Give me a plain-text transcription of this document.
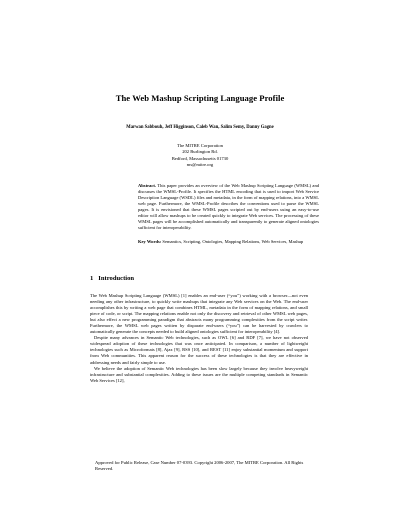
The Web Mashup Scripting Language Profile
Marwan Sabbouh, Jeff Higginson, Caleb Wan, Salim Semy, Danny Gagne
The MITRE Corporation
202 Burlington Rd.
Bedford, Massachusetts 01730
ms@mitre.org
Abstract. This paper provides an overview of the Web Mashup Scripting Language (WMSL) and discusses the WMSL-Profile. It specifies the HTML encoding that is used to import Web Service Description Language (WSDL) files and metadata, in the form of mapping relations, into a WMSL web page. Furthermore, the WMSL-Profile describes the conventions used to parse the WMSL pages. It is envisioned that these WMSL pages scripted out by end-users using an easy-to-use editor will allow mashups to be created quickly to integrate Web services. The processing of these WMSL pages will be accomplished automatically and transparently to generate aligned ontologies sufficient for interoperability.
Key Words: Semantics, Scripting, Ontologies, Mapping Relations, Web Services, Mashup
1 Introduction

The Web Mashup Scripting Language (WMSL) [1] enables an end-user (“you”) working with a browser—not even needing any other infrastructure, to quickly write mashups that integrate any Web services on the Web. The end-user accomplishes this by writing a web page that combines HTML, metadata in the form of mapping relations, and small piece of code, or script. The mapping relations enable not only the discovery and retrieval of other WMSL web pages, but also effect a new programming paradigm that abstracts many programming complexities from the script writer. Furthermore, the WMSL web pages written by disparate end-users (“you”) can be harvested by crawlers to automatically generate the concepts needed to build aligned ontologies sufficient for interoperability [4].

Despite many advances in Semantic Web technologies, such as OWL [6] and RDF [7], we have not observed widespread adoption of these technologies that was once anticipated. In comparison, a number of lightweight technologies such as Microformats [8], Ajax [9], RSS [10], and REST [11] enjoy substantial momentum and support from Web communities. This apparent reason for the success of these technologies is that they are effective in addressing needs and fairly simple to use.

We believe the adoption of Semantic Web technologies has been slow largely because they involve heavyweight infrastructure and substantial complexities. Adding to these issues are the multiple competing standards in Semantic Web Services [12],

Approved for Public Release, Case Number 07-0393. Copyright 2006-2007, The MITRE Corporation. All Rights Reserved.
